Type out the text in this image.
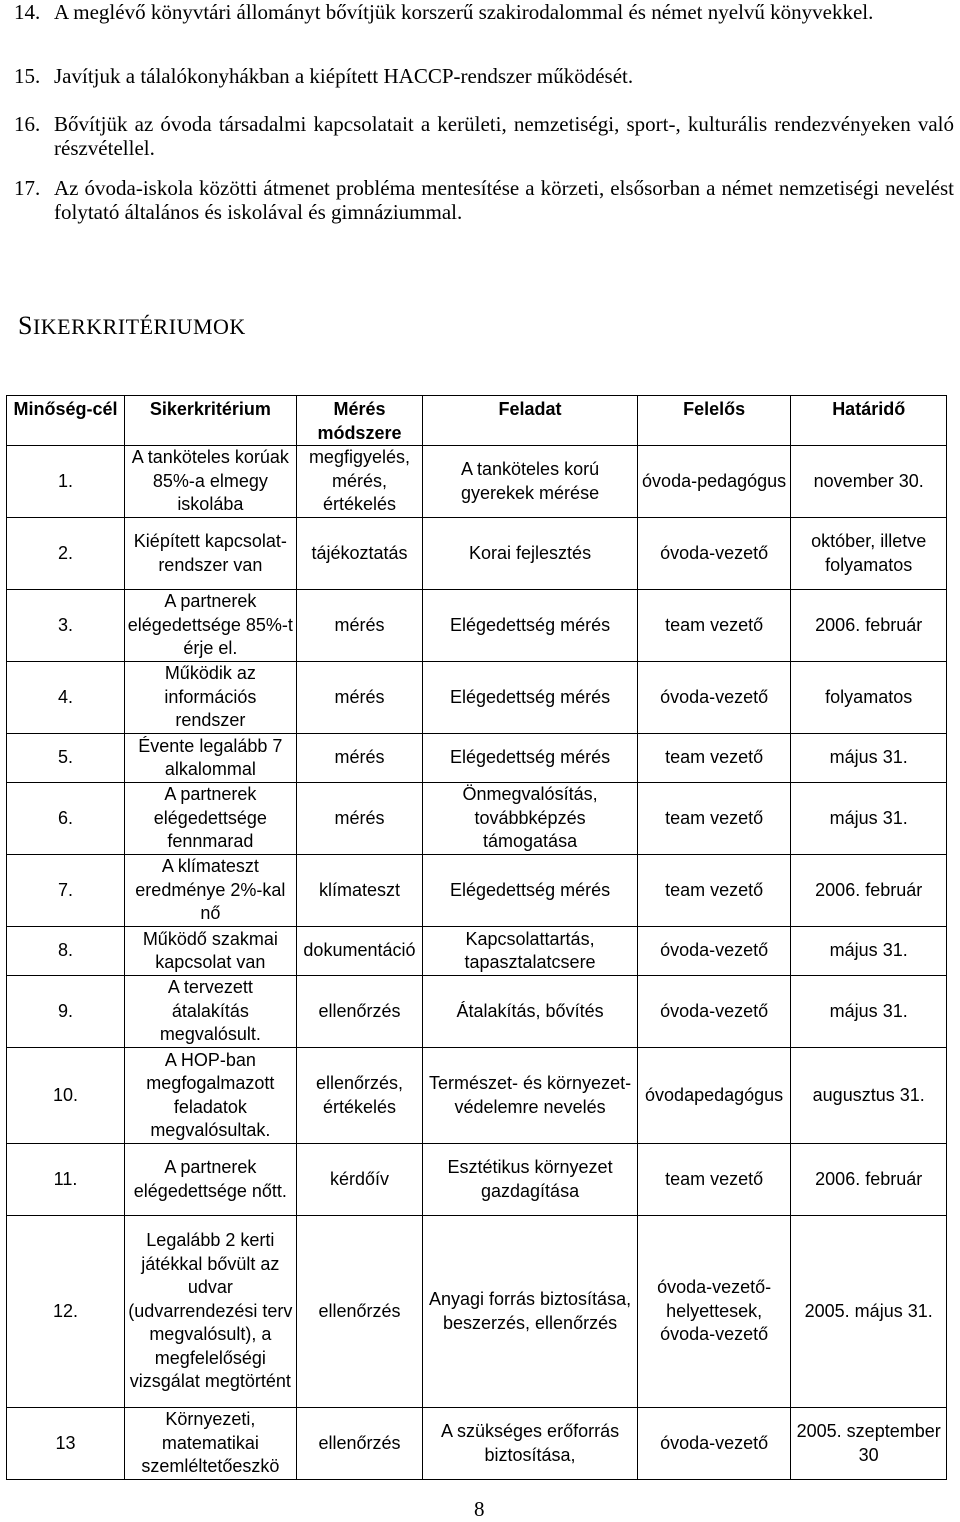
14. A meglévő könyvtári állományt bővítjük korszerű szakirodalommal és német nyelvű könyvekkel.
15. Javítjuk a tálalókonyhákban a kiépített HACCP-rendszer működését.
16. Bővítjük az óvoda társadalmi kapcsolatait a kerületi, nemzetiségi, sport-, kulturális rendezvényeken való részvétellel.
17. Az óvoda-iskola közötti átmenet probléma mentesítése a körzeti, elsősorban a német nemzetiségi nevelést folytató általános és iskolával és gimnáziummal.
SIKERKRITÉRIUMOK
Minőség-cél	Sikerkritérium	Mérés módszere	Feladat	Felelős	Határidő
1.	A tanköteles korúak 85%-a elmegy iskolába	megfigyelés, mérés, értékelés	A tanköteles korú gyerekek mérése	óvoda-pedagógus	november 30.
2.	Kiépített kapcsolat-rendszer van	tájékoztatás	Korai fejlesztés	óvoda-vezető	október, illetve folyamatos
3.	A partnerek elégedettsége 85%-t érje el.	mérés	Elégedettség mérés	team vezető	2006. február
4.	Működik az információs rendszer	mérés	Elégedettség mérés	óvoda-vezető	folyamatos
5.	Évente legalább 7 alkalommal	mérés	Elégedettség mérés	team vezető	május 31.
6.	A partnerek elégedettsége fennmarad	mérés	Önmegvalósítás, továbbképzés támogatása	team vezető	május 31.
7.	A klímateszt eredménye 2%-kal nő	klímateszt	Elégedettség mérés	team vezető	2006. február
8.	Működő szakmai kapcsolat van	dokumentáció	Kapcsolattartás, tapasztalatcsere	óvoda-vezető	május 31.
9.	A tervezett átalakítás megvalósult.	ellenőrzés	Átalakítás, bővítés	óvoda-vezető	május 31.
10.	A HOP-ban megfogalmazott feladatok megvalósultak.	ellenőrzés, értékelés	Természet- és környezet-védelemre nevelés	óvodapedagógus	augusztus 31.
11.	A partnerek elégedettsége nőtt.	kérdőív	Esztétikus környezet gazdagítása	team vezető	2006. február
12.	Legalább 2 kerti játékkal bővült az udvar (udvarrendezési terv megvalósult), a megfelelőségi vizsgálat megtörtént	ellenőrzés	Anyagi forrás biztosítása, beszerzés, ellenőrzés	óvoda-vezető-helyettesek, óvoda-vezető	2005. május 31.
13	Környezeti, matematikai szemléltetőeszkö	ellenőrzés	A szükséges erőforrás biztosítása,	óvoda-vezető	2005. szeptember 30
8
